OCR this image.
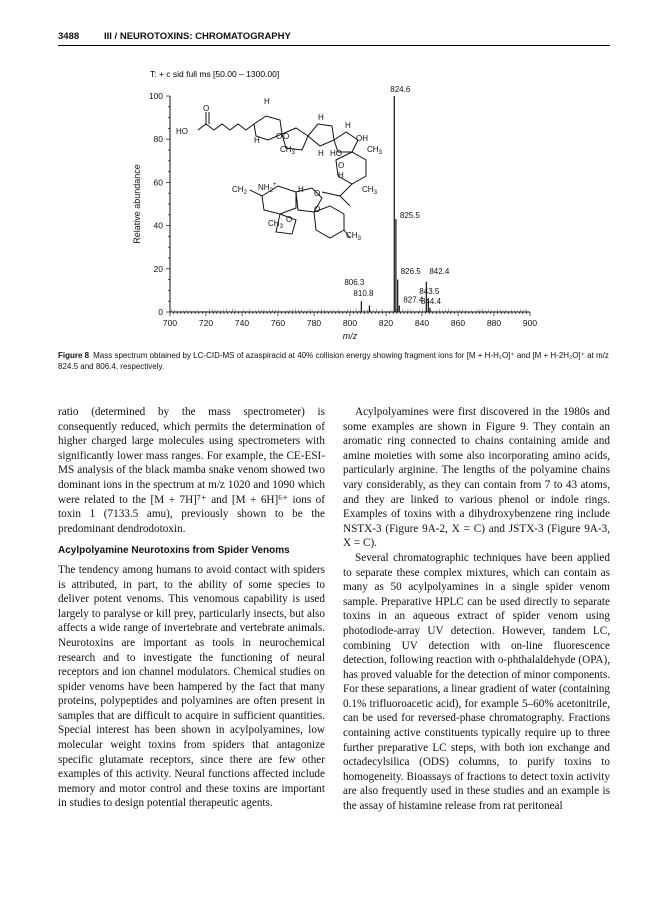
3488	III / NEUROTOXINS: CHROMATOGRAPHY
T: + c sid full ms [50.00 – 1300.00]
700	720	740	760	780	800	820	840	860	880	900
0
20
40
60
80
100
m/z
Relative abundance
806.3
810.8
824.6
825.5
826.5
827.4
842.4
843.5
844.4
O
HO
H
O
H	O
H
$CH_3$
H
OH
H HO	$CH_3$
H
O
$CH_3$
$CH_2$
$NH_2^+$	H O
O
O
$CH_3$
$CH_3$
Figure 8 Mass spectrum obtained by LC-CID-MS of azaspiracid at 40% collision energy showing fragment ions for [M + H-H₂O]⁺ and [M + H-2H₂O]⁺ at m/z 824.5 and 806.4, respectively.

ratio (determined by the mass spectrometer) is consequently reduced, which permits the determination of higher charged large molecules using spectrometers with significantly lower mass ranges. For example, the CE-ESI-MS analysis of the black mamba snake venom showed two dominant ions in the spectrum at m/z 1020 and 1090 which were related to the [M + 7H]⁷⁺ and [M + 6H]⁶⁺ ions of toxin 1 (7133.5 amu), previously shown to be the predominant dendrodotoxin.

Acylpolyamine Neurotoxins from Spider Venoms

The tendency among humans to avoid contact with spiders is attributed, in part, to the ability of some species to deliver potent venoms. This venomous capability is used largely to paralyse or kill prey, particularly insects, but also affects a wide range of invertebrate and vertebrate animals. Neurotoxins are important as tools in neurochemical research and to investigate the functioning of neural receptors and ion channel modulators. Chemical studies on spider venoms have been hampered by the fact that many proteins, polypeptides and polyamines are often present in samples that are difficult to acquire in sufficient quantities. Special interest has been shown in acylpolyamines, low molecular weight toxins from spiders that antagonize specific glutamate receptors, since there are few other examples of this activity. Neural functions affected include memory and motor control and these toxins are important in studies to design potential therapeutic agents.

Acylpolyamines were first discovered in the 1980s and some examples are shown in Figure 9. They contain an aromatic ring connected to chains containing amide and amine moieties with some also incorporating amino acids, particularly arginine. The lengths of the polyamine chains vary considerably, as they can contain from 7 to 43 atoms, and they are linked to various phenol or indole rings. Examples of toxins with a dihydroxybenzene ring include NSTX-3 (Figure 9A-2, X = C) and JSTX-3 (Figure 9A-3, X = C).

Several chromatographic techniques have been applied to separate these complex mixtures, which can contain as many as 50 acylpolyamines in a single spider venom sample. Preparative HPLC can be used directly to separate toxins in an aqueous extract of spider venom using photodiode-array UV detection. However, tandem LC, combining UV detection with on-line fluorescence detection, following reaction with o-phthalaldehyde (OPA), has proved valuable for the detection of minor components. For these separations, a linear gradient of water (containing 0.1% trifluoroacetic acid), for example 5–60% acetonitrile, can be used for reversed-phase chromatography. Fractions containing active constituents typically require up to three further preparative LC steps, with both ion exchange and octadecylsilica (ODS) columns, to purify toxins to homogeneity. Bioassays of fractions to detect toxin activity are also frequently used in these studies and an example is the assay of histamine release from rat peritoneal
